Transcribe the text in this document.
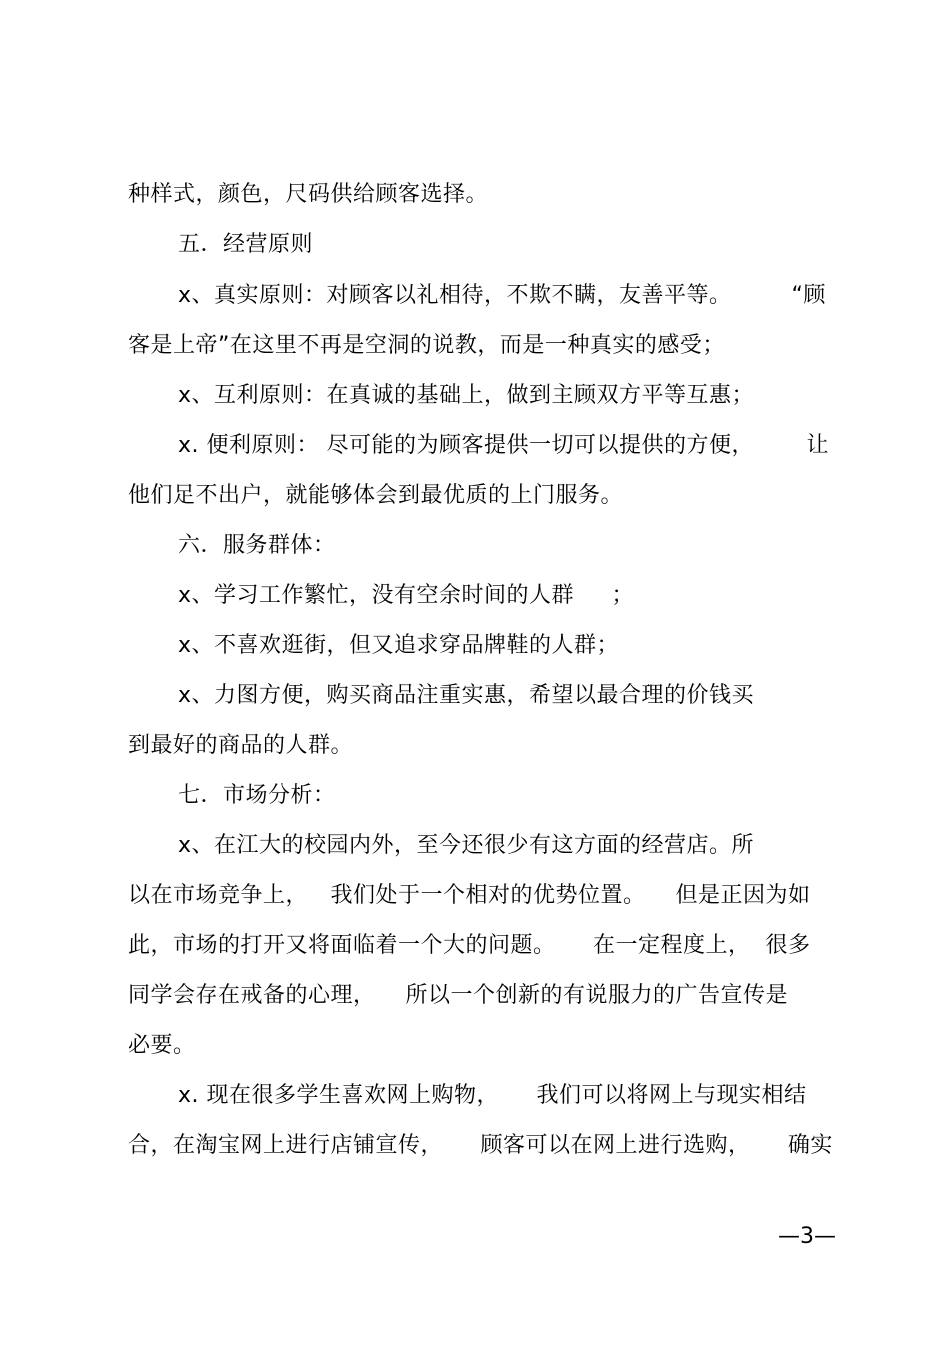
种样式，颜色，尺码供给顾客选择。
五．经营原则
x、真实原则：对顾客以礼相待，不欺不瞒，友善平等。        “顾
客是上帝”在这里不再是空洞的说教，而是一种真实的感受；
x、互利原则：在真诚的基础上，做到主顾双方平等互惠；
x. 便利原则： 尽可能的为顾客提供一切可以提供的方便，       让
他们足不出户，就能够体会到最优质的上门服务。
六．服务群体：
x、学习工作繁忙，没有空余时间的人群     ；
x、不喜欢逛街，但又追求穿品牌鞋的人群；
x、力图方便，购买商品注重实惠，希望以最合理的价钱买
到最好的商品的人群。
七．市场分析：
x、在江大的校园内外，至今还很少有这方面的经营店。所
以在市场竞争上，   我们处于一个相对的优势位置。    但是正因为如
此，市场的打开又将面临着一个大的问题。     在一定程度上，  很多
同学会存在戒备的心理，    所以一个创新的有说服力的广告宣传是
必要。
x. 现在很多学生喜欢网上购物，     我们可以将网上与现实相结
合，在淘宝网上进行店铺宣传，     顾客可以在网上进行选购，     确实
—3—
